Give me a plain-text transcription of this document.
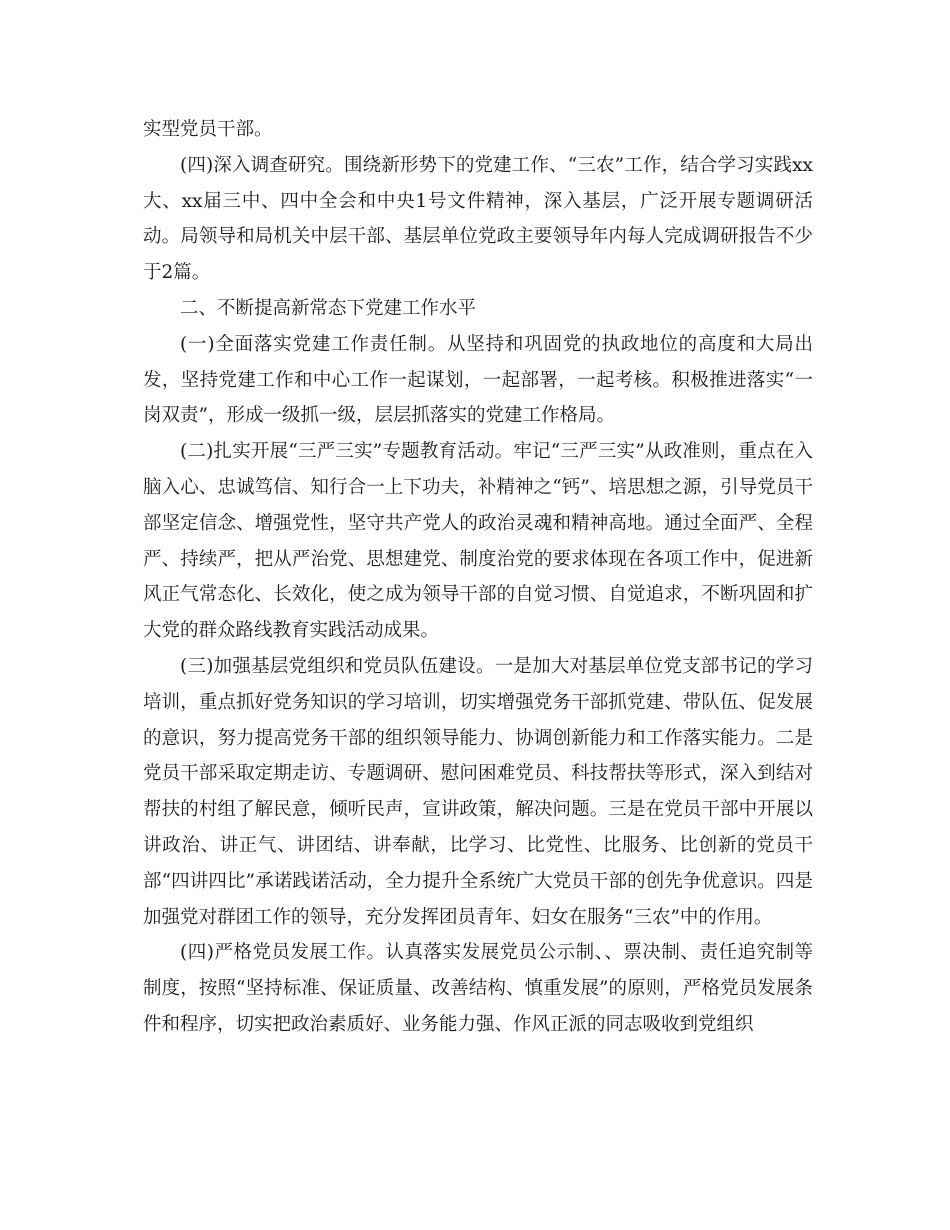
实型党员干部。

(四)深入调查研究。围绕新形势下的党建工作、“三农”工作，结合学习实践xx大、xx届三中、四中全会和中央1号文件精神，深入基层，广泛开展专题调研活动。局领导和局机关中层干部、基层单位党政主要领导年内每人完成调研报告不少于2篇。

二、不断提高新常态下党建工作水平

(一)全面落实党建工作责任制。从坚持和巩固党的执政地位的高度和大局出发，坚持党建工作和中心工作一起谋划，一起部署，一起考核。积极推进落实“一岗双责”，形成一级抓一级，层层抓落实的党建工作格局。

(二)扎实开展“三严三实”专题教育活动。牢记“三严三实”从政准则，重点在入脑入心、忠诚笃信、知行合一上下功夫，补精神之“钙”、培思想之源，引导党员干部坚定信念、增强党性，坚守共产党人的政治灵魂和精神高地。通过全面严、全程严、持续严，把从严治党、思想建党、制度治党的要求体现在各项工作中，促进新风正气常态化、长效化，使之成为领导干部的自觉习惯、自觉追求，不断巩固和扩大党的群众路线教育实践活动成果。

(三)加强基层党组织和党员队伍建设。一是加大对基层单位党支部书记的学习培训，重点抓好党务知识的学习培训，切实增强党务干部抓党建、带队伍、促发展的意识，努力提高党务干部的组织领导能力、协调创新能力和工作落实能力。二是党员干部采取定期走访、专题调研、慰问困难党员、科技帮扶等形式，深入到结对帮扶的村组了解民意，倾听民声，宣讲政策，解决问题。三是在党员干部中开展以讲政治、讲正气、讲团结、讲奉献，比学习、比党性、比服务、比创新的党员干部“四讲四比”承诺践诺活动，全力提升全系统广大党员干部的创先争优意识。四是加强党对群团工作的领导，充分发挥团员青年、妇女在服务“三农”中的作用。

(四)严格党员发展工作。认真落实发展党员公示制、、票决制、责任追究制等制度，按照“坚持标准、保证质量、改善结构、慎重发展”的原则，严格党员发展条件和程序，切实把政治素质好、业务能力强、作风正派的同志吸收到党组织
